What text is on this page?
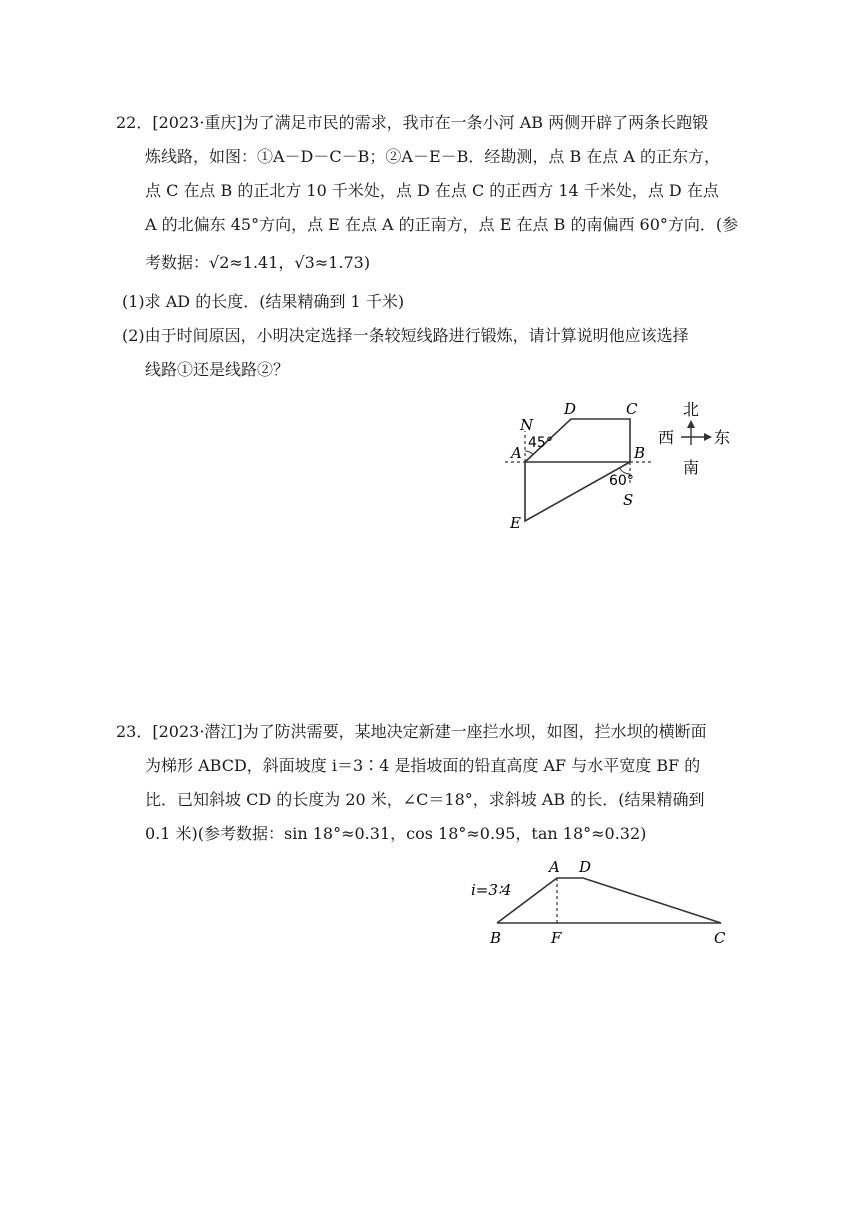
22．[2023·重庆]为了满足市民的需求，我市在一条小河 AB 两侧开辟了两条长跑锻
炼线路，如图：①A－D－C－B；②A－E－B．经勘测，点 B 在点 A 的正东方，
点 C 在点 B 的正北方 10 千米处，点 D 在点 C 的正西方 14 千米处，点 D 在点
A 的北偏东 45°方向，点 E 在点 A 的正南方，点 E 在点 B 的南偏西 60°方向．(参
考数据：√2≈1.41，√3≈1.73)
(1)求 AD 的长度．(结果精确到 1 千米)
(2)由于时间原因，小明决定选择一条较短线路进行锻炼，请计算说明他应该选择
线路①还是线路②？
D	C
N
A	B
S
E
45°
60°
北
西 东
南
23．[2023·潜江]为了防洪需要，某地决定新建一座拦水坝，如图，拦水坝的横断面
为梯形 ABCD，斜面坡度 i＝3∶4 是指坡面的铅直高度 AF 与水平宽度 BF 的
比．已知斜坡 CD 的长度为 20 米，∠C＝18°，求斜坡 AB 的长．(结果精确到
0.1 米)(参考数据：sin 18°≈0.31，cos 18°≈0.95，tan 18°≈0.32)
A D
B	F	C
i=3∶4
